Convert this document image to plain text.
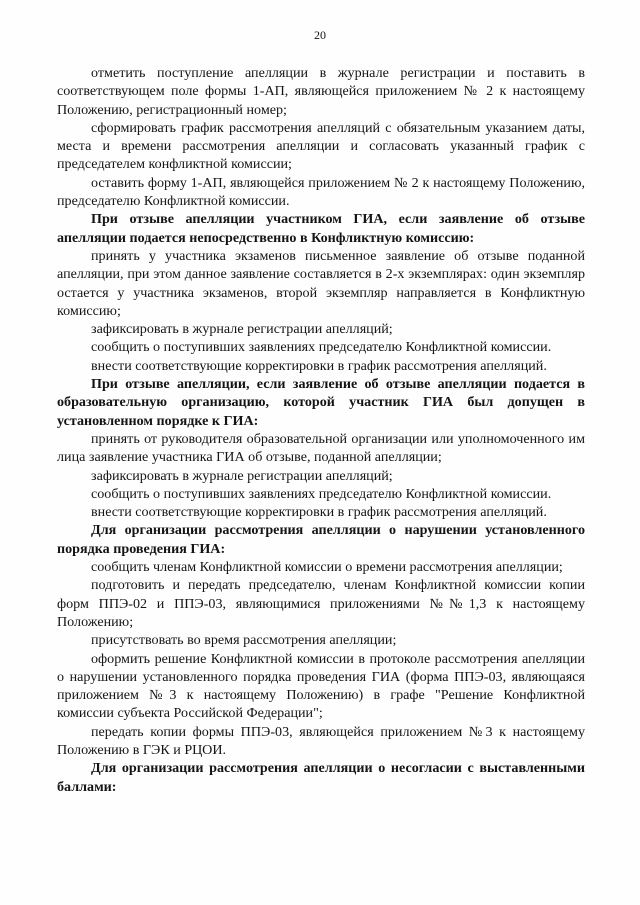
20

отметить поступление апелляции в журнале регистрации и поставить в соответствующем поле формы 1-АП, являющейся приложением № 2 к настоящему Положению, регистрационный номер;

сформировать график рассмотрения апелляций с обязательным указанием даты, места и времени рассмотрения апелляции и согласовать указанный график с председателем конфликтной комиссии;

оставить форму 1-АП, являющейся приложением № 2 к настоящему Положению, председателю Конфликтной комиссии.

При отзыве апелляции участником ГИА, если заявление об отзыве апелляции подается непосредственно в Конфликтную комиссию:

принять у участника экзаменов письменное заявление об отзыве поданной апелляции, при этом данное заявление составляется в 2-х экземплярах: один экземпляр остается у участника экзаменов, второй экземпляр направляется в Конфликтную комиссию;

зафиксировать в журнале регистрации апелляций;

сообщить о поступивших заявлениях председателю Конфликтной комиссии.

внести соответствующие корректировки в график рассмотрения апелляций.

При отзыве апелляции, если заявление об отзыве апелляции подается в образовательную организацию, которой участник ГИА был допущен в установленном порядке к ГИА:

принять от руководителя образовательной организации или уполномоченного им лица заявление участника ГИА об отзыве, поданной апелляции;

зафиксировать в журнале регистрации апелляций;

сообщить о поступивших заявлениях председателю Конфликтной комиссии.

внести соответствующие корректировки в график рассмотрения апелляций.

Для организации рассмотрения апелляции о нарушении установленного порядка проведения ГИА:

сообщить членам Конфликтной комиссии о времени рассмотрения апелляции;

подготовить и передать председателю, членам Конфликтной комиссии копии форм ППЭ-02 и ППЭ-03, являющимися приложениями №№1,3 к настоящему Положению;

присутствовать во время рассмотрения апелляции;

оформить решение Конфликтной комиссии в протоколе рассмотрения апелляции о нарушении установленного порядка проведения ГИА (форма ППЭ-03, являющаяся приложением №3 к настоящему Положению) в графе "Решение Конфликтной комиссии субъекта Российской Федерации";

передать копии формы ППЭ-03, являющейся приложением №3 к настоящему Положению в ГЭК и РЦОИ.

Для организации рассмотрения апелляции о несогласии с выставленными баллами:
